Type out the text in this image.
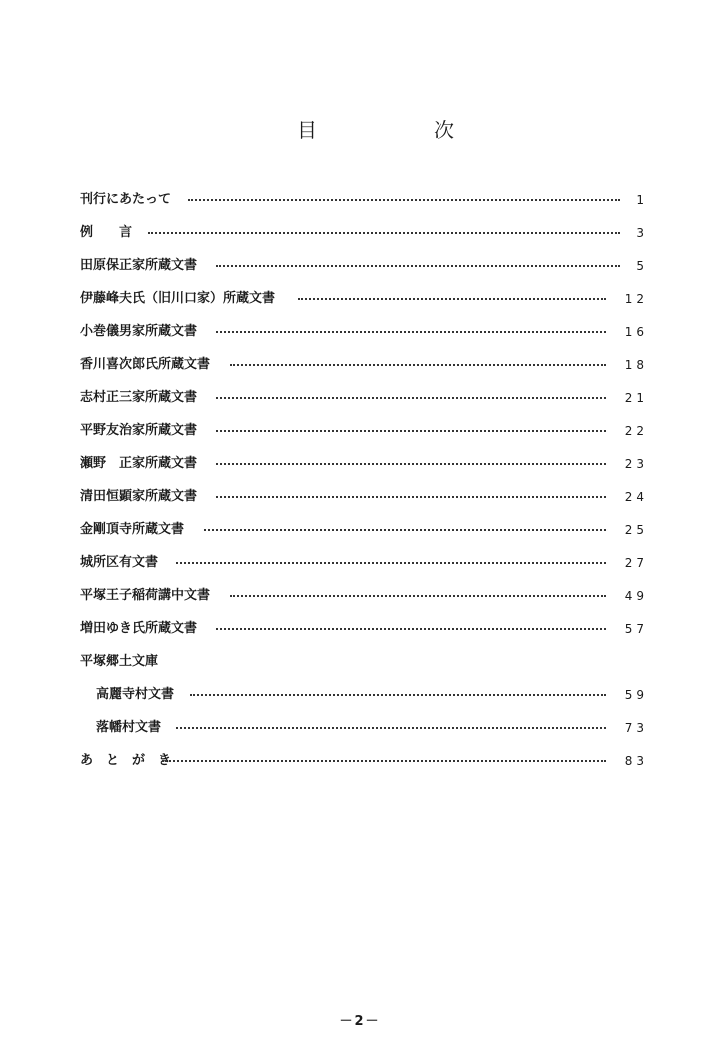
目	次
刊行にあたって	1
例　　言	3
田原保正家所蔵文書	5
伊藤峰夫氏（旧川口家）所蔵文書	12
小巻儀男家所蔵文書	16
香川喜次郎氏所蔵文書	18
志村正三家所蔵文書	21
平野友治家所蔵文書	22
瀬野　正家所蔵文書	23
清田恒顕家所蔵文書	24
金剛頂寺所蔵文書	25
城所区有文書	27
平塚王子稲荷講中文書	49
増田ゆき氏所蔵文書	57
平塚郷土文庫
高麗寺村文書	59
落幡村文書	73
あ　と　が　き	83
－2－
